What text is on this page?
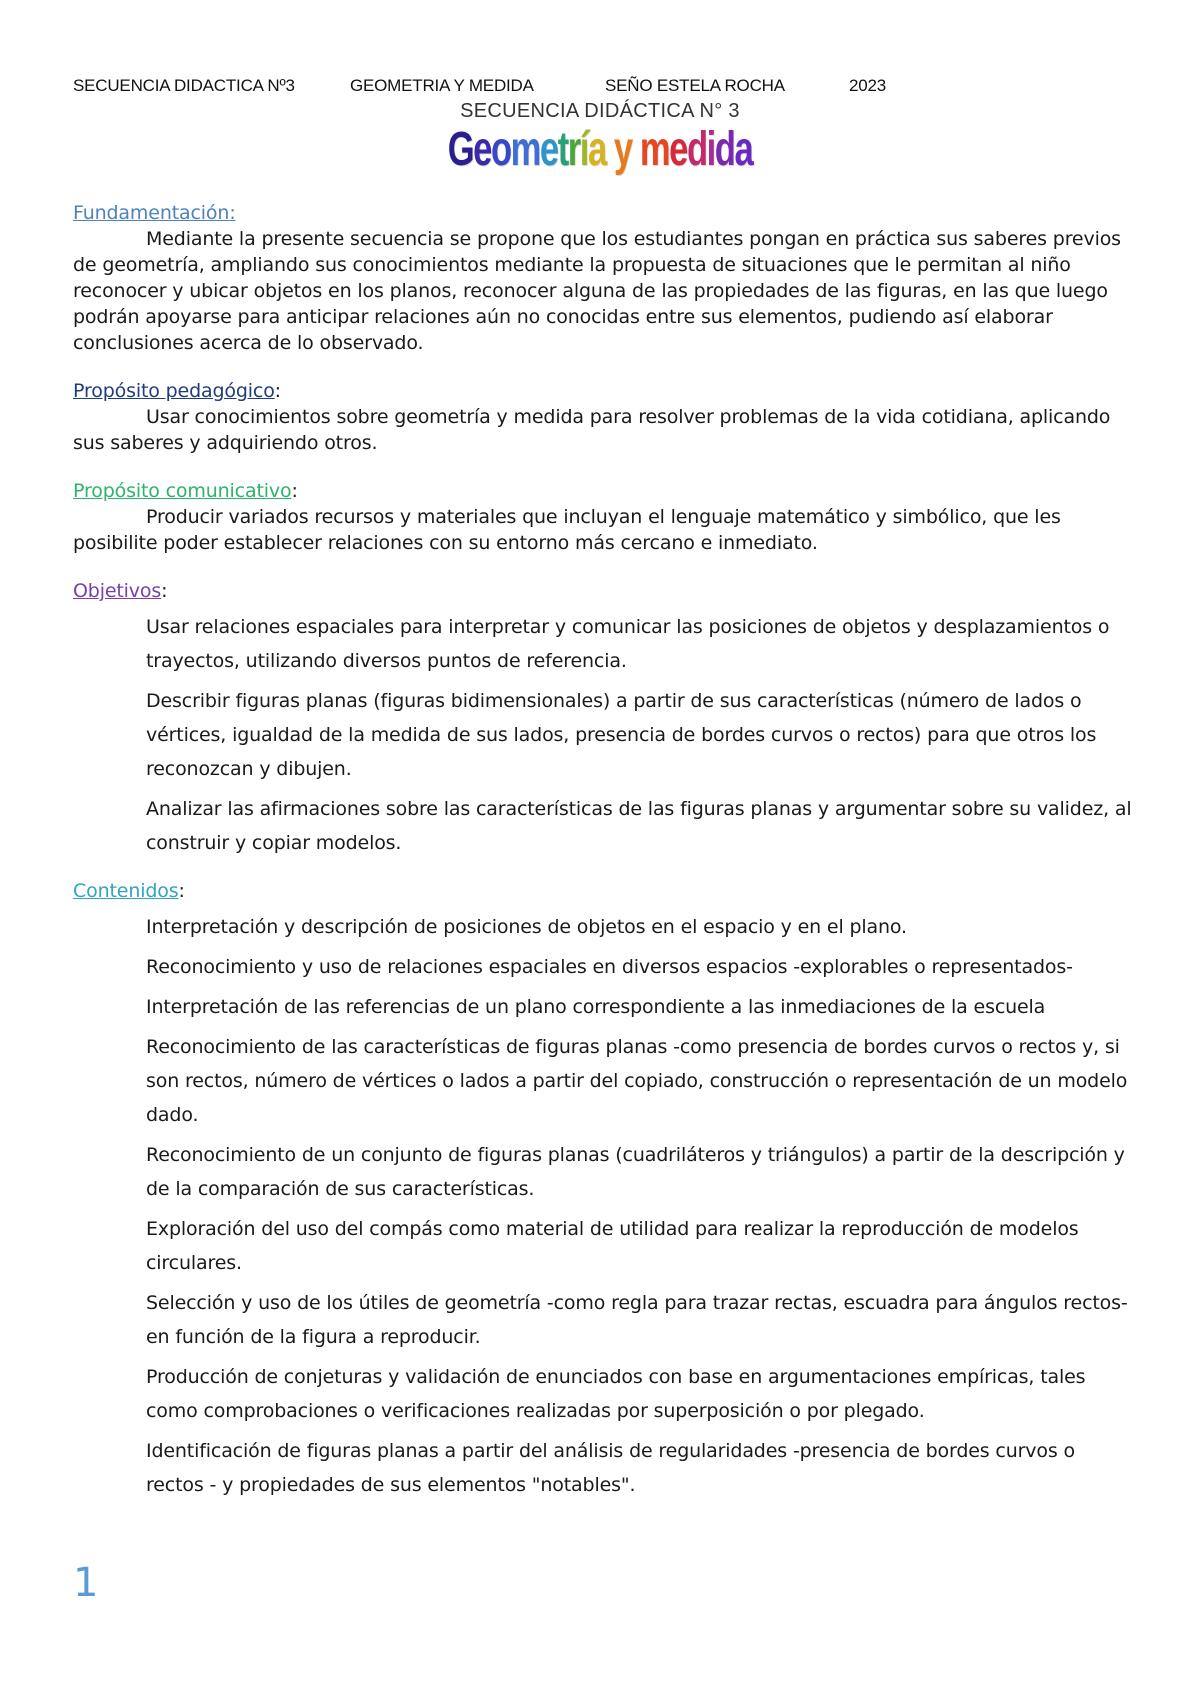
SECUENCIA DIDACTICA Nº3	GEOMETRIA Y MEDIDA	SEÑO ESTELA ROCHA	2023
SECUENCIA DIDÁCTICA N° 3
Geometría y medida

Fundamentación:

Mediante la presente secuencia se propone que los estudiantes pongan en práctica sus saberes previos de geometría, ampliando sus conocimientos mediante la propuesta de situaciones que le permitan al niño reconocer y ubicar objetos en los planos, reconocer alguna de las propiedades de las figuras, en las que luego podrán apoyarse para anticipar relaciones aún no conocidas entre sus elementos, pudiendo así elaborar conclusiones acerca de lo observado.

Propósito pedagógico:

Usar conocimientos sobre geometría y medida para resolver problemas de la vida cotidiana, aplicando sus saberes y adquiriendo otros.

Propósito comunicativo:

Producir variados recursos y materiales que incluyan el lenguaje matemático y simbólico, que les posibilite poder establecer relaciones con su entorno más cercano e inmediato.

Objetivos:

Usar relaciones espaciales para interpretar y comunicar las posiciones de objetos y desplazamientos o trayectos, utilizando diversos puntos de referencia.
Describir figuras planas (figuras bidimensionales) a partir de sus características (número de lados o vértices, igualdad de la medida de sus lados, presencia de bordes curvos o rectos) para que otros los reconozcan y dibujen.
Analizar las afirmaciones sobre las características de las figuras planas y argumentar sobre su validez, al construir y copiar modelos.

Contenidos:

Interpretación y descripción de posiciones de objetos en el espacio y en el plano.
Reconocimiento y uso de relaciones espaciales en diversos espacios -explorables o representados-
Interpretación de las referencias de un plano correspondiente a las inmediaciones de la escuela
Reconocimiento de las características de figuras planas -como presencia de bordes curvos o rectos y, si son rectos, número de vértices o lados a partir del copiado, construcción o representación de un modelo dado.
Reconocimiento de un conjunto de figuras planas (cuadriláteros y triángulos) a partir de la descripción y de la comparación de sus características.
Exploración del uso del compás como material de utilidad para realizar la reproducción de modelos circulares.
Selección y uso de los útiles de geometría -como regla para trazar rectas, escuadra para ángulos rectos- en función de la figura a reproducir.
Producción de conjeturas y validación de enunciados con base en argumentaciones empíricas, tales como comprobaciones o verificaciones realizadas por superposición o por plegado.
Identificación de figuras planas a partir del análisis de regularidades -presencia de bordes curvos o rectos - y propiedades de sus elementos "notables".
1
